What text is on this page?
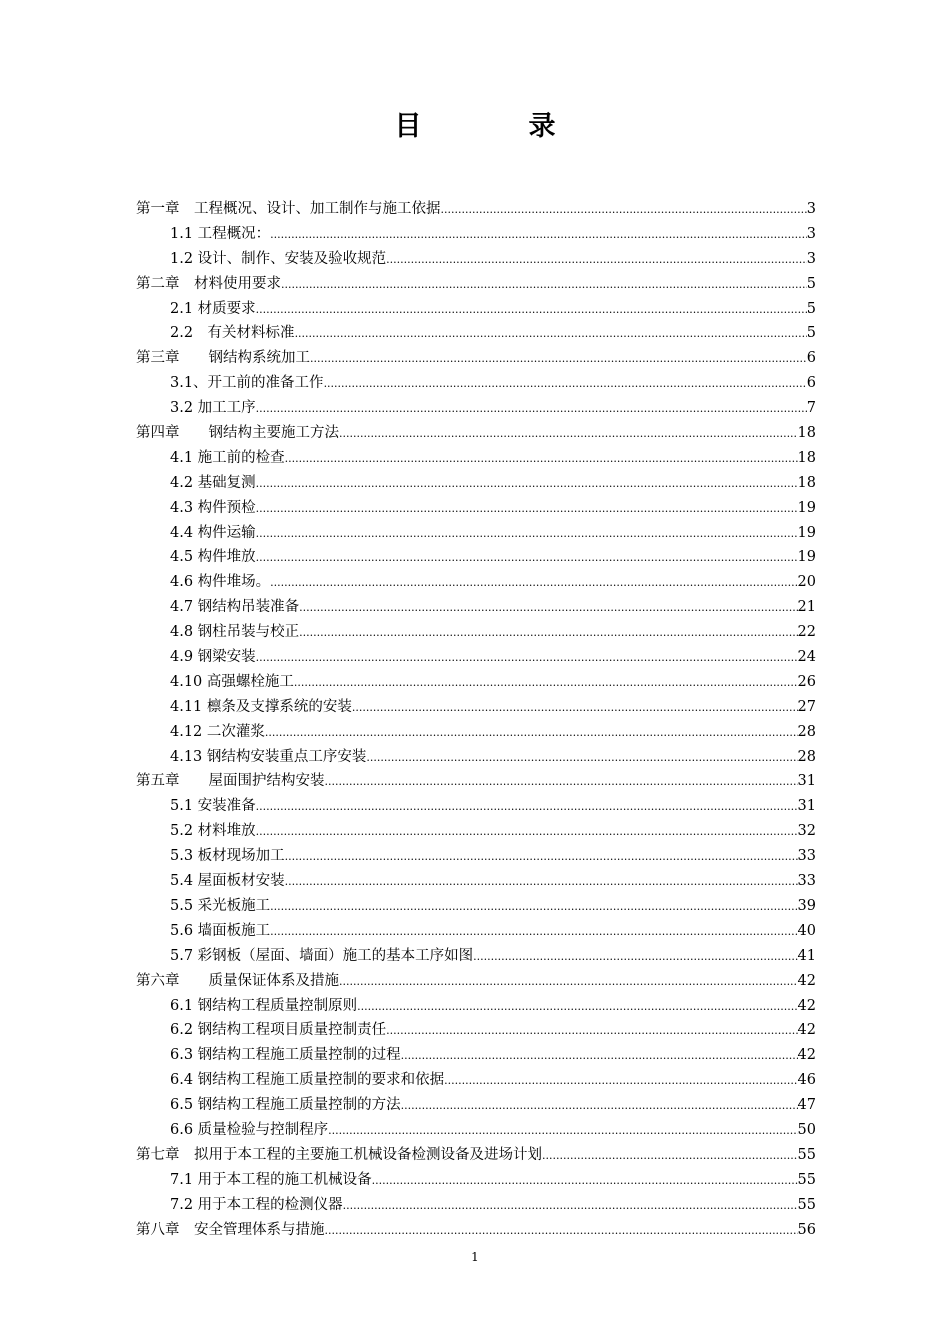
目　录
第一章　工程概况、设计、加工制作与施工依据 .....	3
1.1 工程概况： .....	3
1.2 设计、制作、安装及验收规范 .....	3
第二章　材料使用要求 .....	5
2.1 材质要求 .....	5
2.2　有关材料标准 .....	5
第三章　　钢结构系统加工 .....	6
3.1、开工前的准备工作 .....	6
3.2 加工工序 .....	7
第四章　　钢结构主要施工方法 .....	18
4.1 施工前的检查 .....	18
4.2 基础复测 .....	18
4.3 构件预检 .....	19
4.4 构件运输 .....	19
4.5 构件堆放 .....	19
4.6 构件堆场。 .....	20
4.7 钢结构吊装准备 .....	21
4.8 钢柱吊装与校正 .....	22
4.9 钢梁安装 .....	24
4.10 高强螺栓施工 .....	26
4.11 檩条及支撑系统的安装 .....	27
4.12 二次灌浆 .....	28
4.13 钢结构安装重点工序安装 .....	28
第五章　　屋面围护结构安装 .....	31
5.1 安装准备 .....	31
5.2 材料堆放 .....	32
5.3 板材现场加工 .....	33
5.4 屋面板材安装 .....	33
5.5 采光板施工 .....	39
5.6 墙面板施工 .....	40
5.7 彩钢板（屋面、墙面）施工的基本工序如图 .....	41
第六章　　质量保证体系及措施 .....	42
6.1 钢结构工程质量控制原则 .....	42
6.2 钢结构工程项目质量控制责任 .....	42
6.3 钢结构工程施工质量控制的过程 .....	42
6.4 钢结构工程施工质量控制的要求和依据 .....	46
6.5 钢结构工程施工质量控制的方法 .....	47
6.6 质量检验与控制程序 .....	50
第七章　拟用于本工程的主要施工机械设备检测设备及进场计划 .....	55
7.1 用于本工程的施工机械设备 .....	55
7.2 用于本工程的检测仪器 .....	55
第八章　安全管理体系与措施 .....	56
1
